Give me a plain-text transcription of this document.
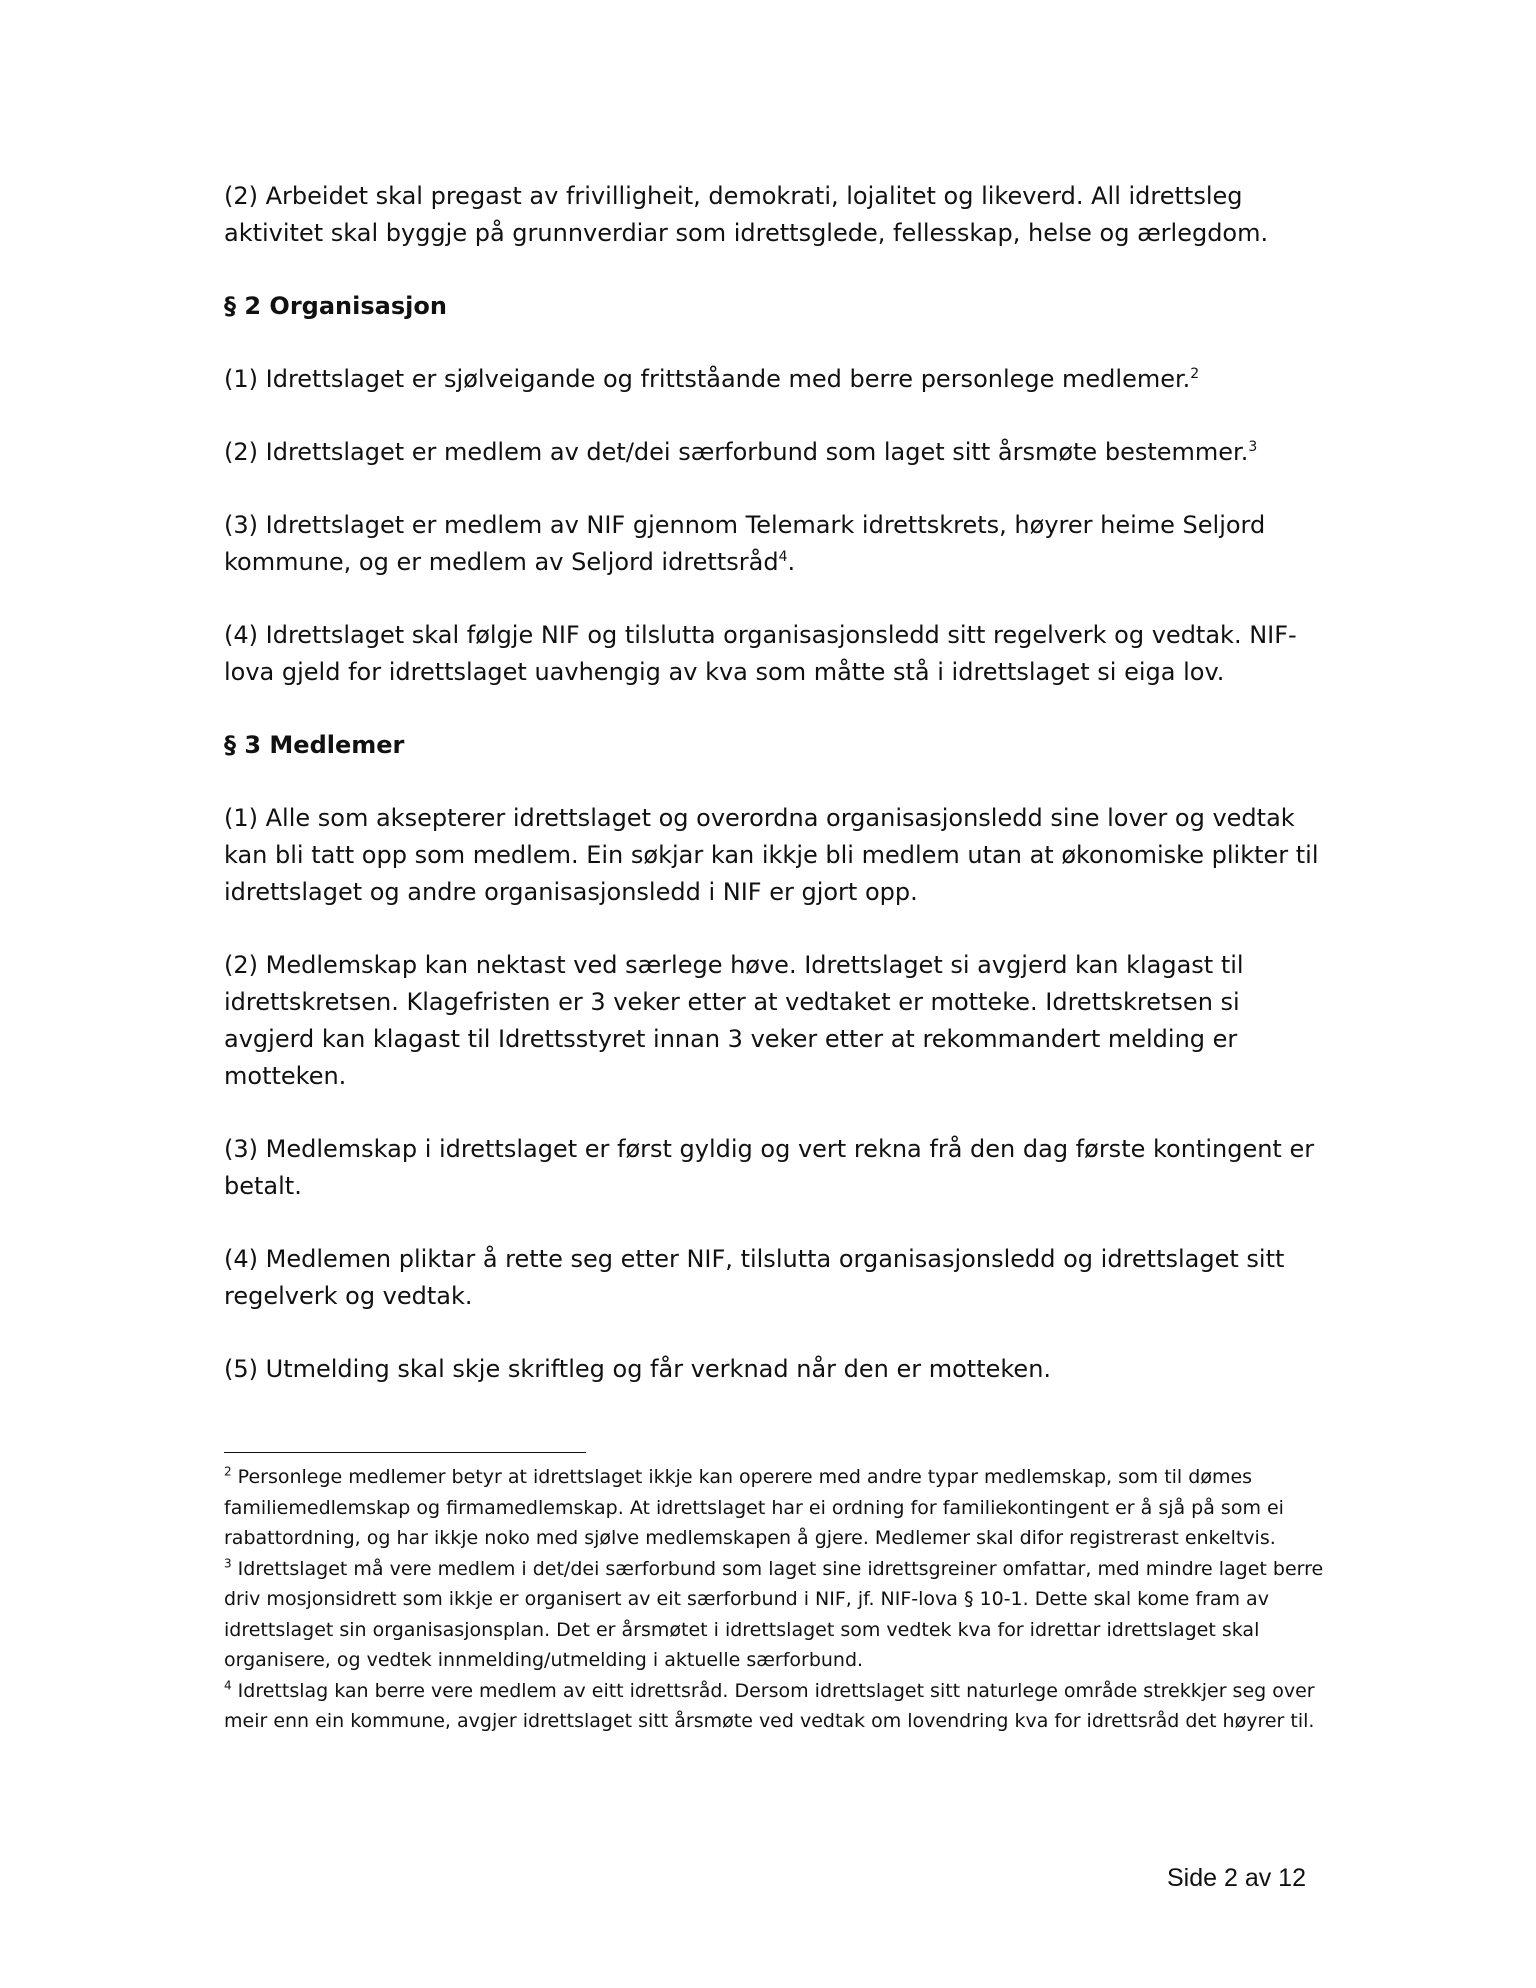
(2) Arbeidet skal pregast av frivilligheit, demokrati, lojalitet og likeverd. All idrettsleg aktivitet skal byggje på grunnverdiar som idrettsglede, fellesskap, helse og ærlegdom.

§ 2 Organisasjon

(1) Idrettslaget er sjølveigande og frittståande med berre personlege medlemer.$^2$

(2) Idrettslaget er medlem av det/dei særforbund som laget sitt årsmøte bestemmer.$^3$

(3) Idrettslaget er medlem av NIF gjennom Telemark idrettskrets, høyrer heime Seljord kommune, og er medlem av Seljord idrettsråd$^4$.

(4) Idrettslaget skal følgje NIF og tilslutta organisasjonsledd sitt regelverk og vedtak. NIF-lova gjeld for idrettslaget uavhengig av kva som måtte stå i idrettslaget si eiga lov.

§ 3 Medlemer

(1) Alle som aksepterer idrettslaget og overordna organisasjonsledd sine lover og vedtak kan bli tatt opp som medlem. Ein søkjar kan ikkje bli medlem utan at økonomiske plikter til idrettslaget og andre organisasjonsledd i NIF er gjort opp.

(2) Medlemskap kan nektast ved særlege høve. Idrettslaget si avgjerd kan klagast til idrettskretsen. Klagefristen er 3 veker etter at vedtaket er motteke. Idrettskretsen si avgjerd kan klagast til Idrettsstyret innan 3 veker etter at rekommandert melding er motteken.

(3) Medlemskap i idrettslaget er først gyldig og vert rekna frå den dag første kontingent er betalt.

(4) Medlemen pliktar å rette seg etter NIF, tilslutta organisasjonsledd og idrettslaget sitt regelverk og vedtak.

(5) Utmelding skal skje skriftleg og får verknad når den er motteken.

$^2$ Personlege medlemer betyr at idrettslaget ikkje kan operere med andre typar medlemskap, som til dømes familiemedlemskap og firmamedlemskap. At idrettslaget har ei ordning for familiekontingent er å sjå på som ei rabattordning, og har ikkje noko med sjølve medlemskapen å gjere. Medlemer skal difor registrerast enkeltvis.

$^3$ Idrettslaget må vere medlem i det/dei særforbund som laget sine idrettsgreiner omfattar, med mindre laget berre driv mosjonsidrett som ikkje er organisert av eit særforbund i NIF, jf. NIF-lova § 10-1. Dette skal kome fram av idrettslaget sin organisasjonsplan. Det er årsmøtet i idrettslaget som vedtek kva for idrettar idrettslaget skal organisere, og vedtek innmelding/utmelding i aktuelle særforbund.

$^4$ Idrettslag kan berre vere medlem av eitt idrettsråd. Dersom idrettslaget sitt naturlege område strekkjer seg over meir enn ein kommune, avgjer idrettslaget sitt årsmøte ved vedtak om lovendring kva for idrettsråd det høyrer til.

Side 2 av 12
